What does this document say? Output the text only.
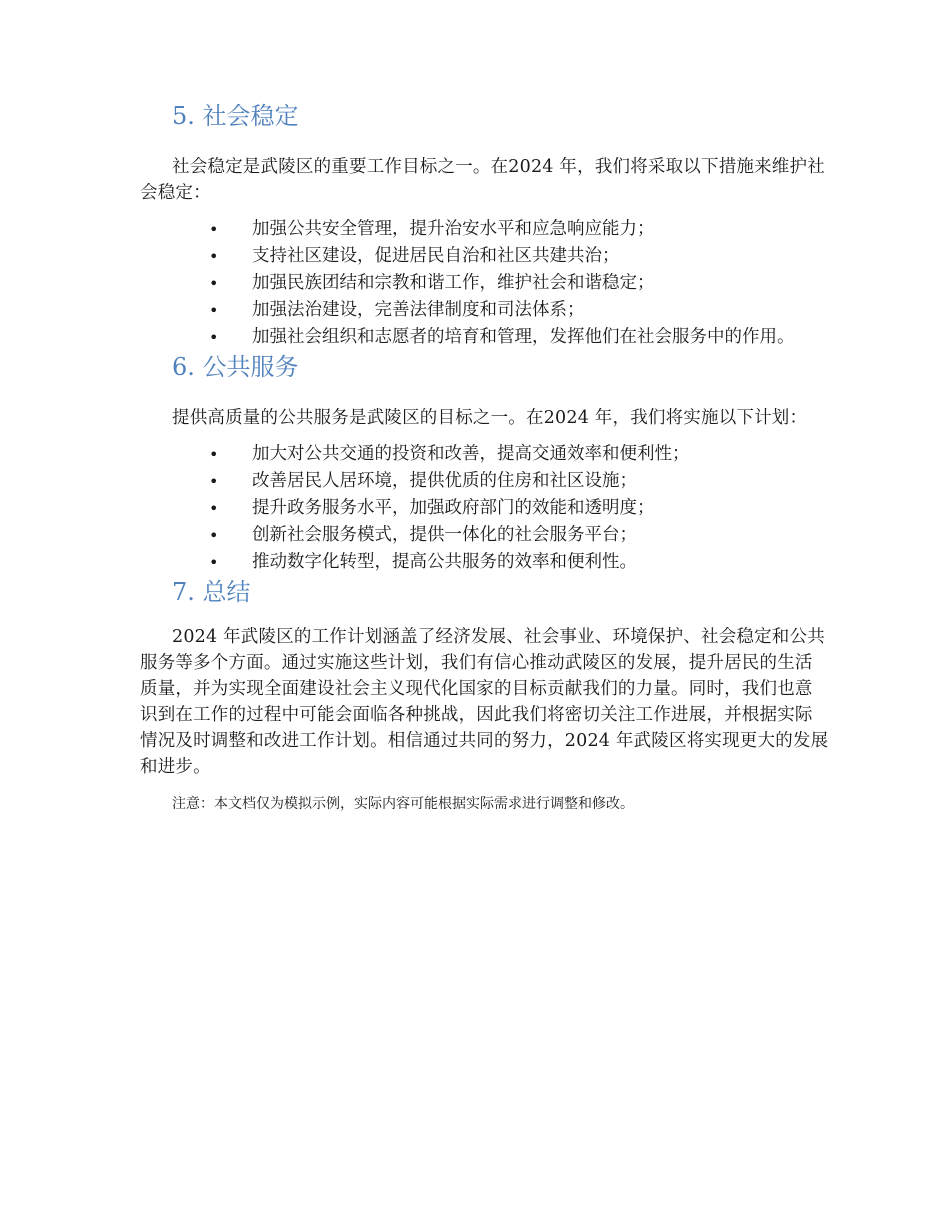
5. 社会稳定

社会稳定是武陵区的重要工作目标之一。在2024 年，我们将采取以下措施来维护社会稳定：

• 加强公共安全管理，提升治安水平和应急响应能力；
• 支持社区建设，促进居民自治和社区共建共治；
• 加强民族团结和宗教和谐工作，维护社会和谐稳定；
• 加强法治建设，完善法律制度和司法体系；
• 加强社会组织和志愿者的培育和管理，发挥他们在社会服务中的作用。
6. 公共服务

提供高质量的公共服务是武陵区的目标之一。在2024 年，我们将实施以下计划：

• 加大对公共交通的投资和改善，提高交通效率和便利性；
• 改善居民人居环境，提供优质的住房和社区设施；
• 提升政务服务水平，加强政府部门的效能和透明度；
• 创新社会服务模式，提供一体化的社会服务平台；
• 推动数字化转型，提高公共服务的效率和便利性。
7. 总结

2024 年武陵区的工作计划涵盖了经济发展、社会事业、环境保护、社会稳定和公共服务等多个方面。通过实施这些计划，我们有信心推动武陵区的发展，提升居民的生活质量，并为实现全面建设社会主义现代化国家的目标贡献我们的力量。同时，我们也意识到在工作的过程中可能会面临各种挑战，因此我们将密切关注工作进展，并根据实际情况及时调整和改进工作计划。相信通过共同的努力，2024 年武陵区将实现更大的发展和进步。

注意：本文档仅为模拟示例，实际内容可能根据实际需求进行调整和修改。
